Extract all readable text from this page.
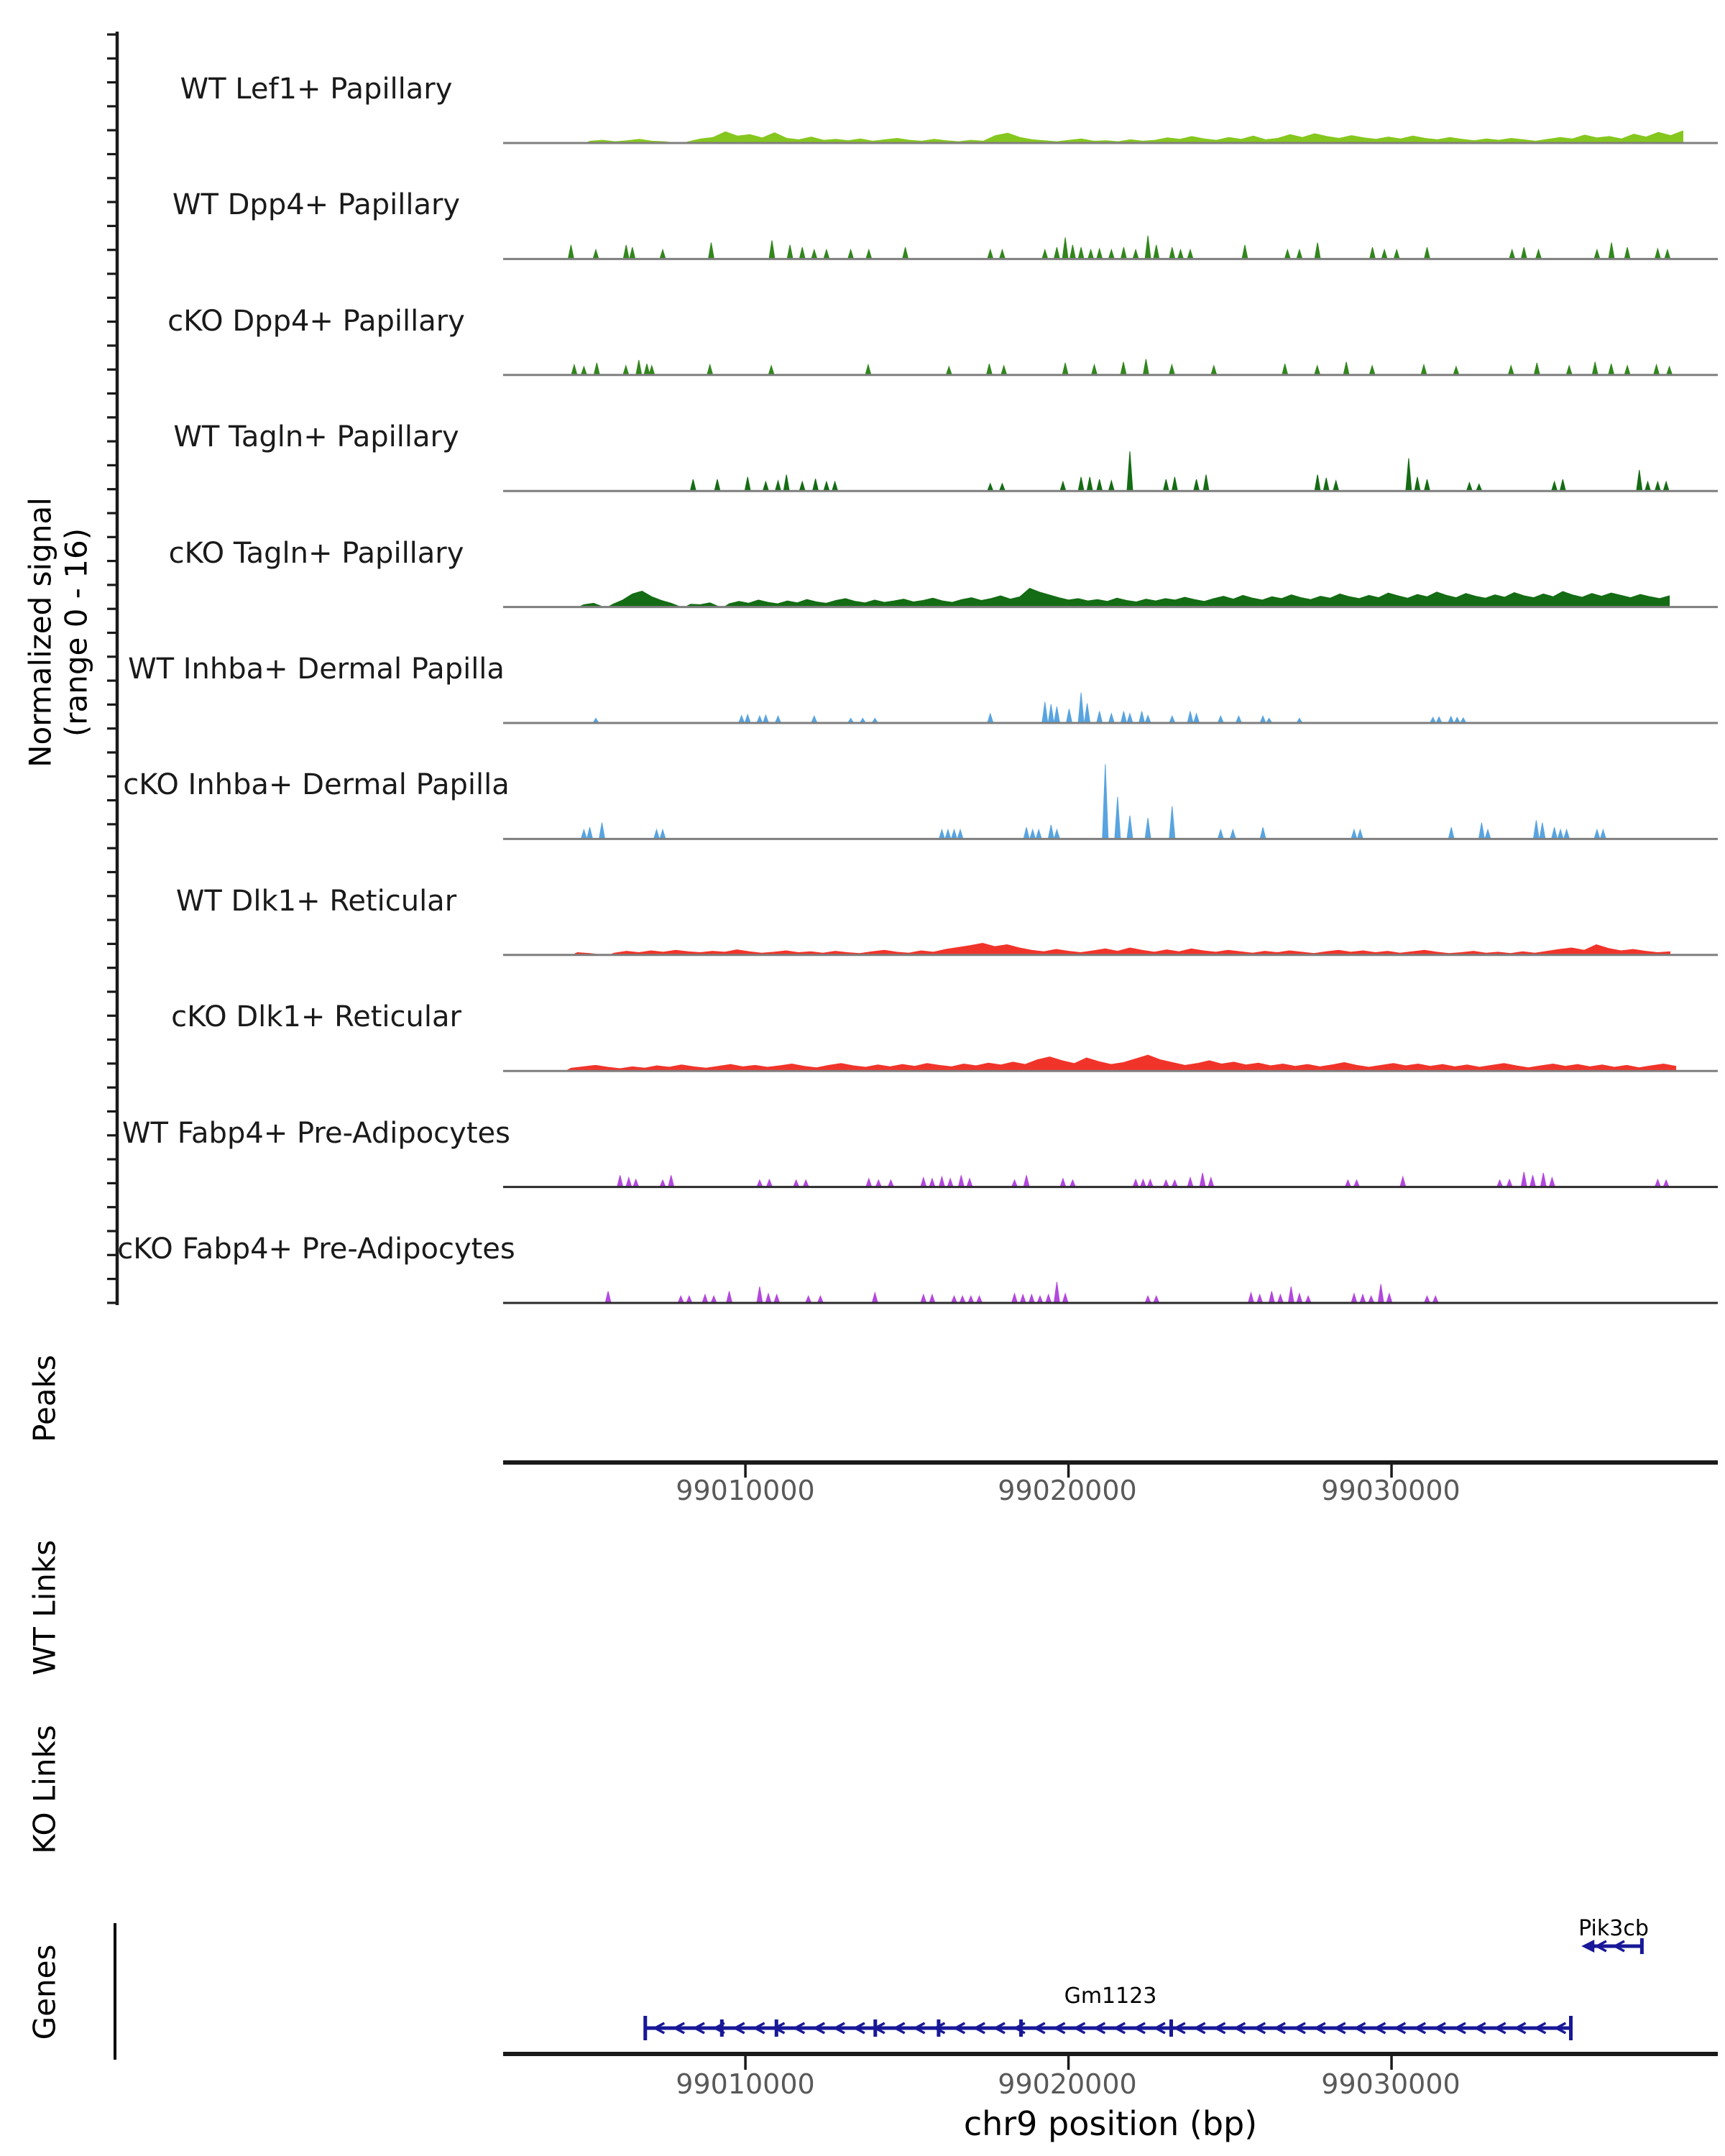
Normalized signal (range 0 - 16)
Peaks
WT Links
KO Links
Genes
WT Lef1+ Papillary
WT Dpp4+ Papillary
cKO Dpp4+ Papillary
WT Tagln+ Papillary
cKO Tagln+ Papillary
WT Inhba+ Dermal Papilla
cKO Inhba+ Dermal Papilla
WT Dlk1+ Reticular
cKO Dlk1+ Reticular
WT Fabp4+ Pre-Adipocytes
cKO Fabp4+ Pre-Adipocytes
99010000	99020000	99030000
99010000	99020000	99030000
chr9 position (bp)
Gm1123
Pik3cb
